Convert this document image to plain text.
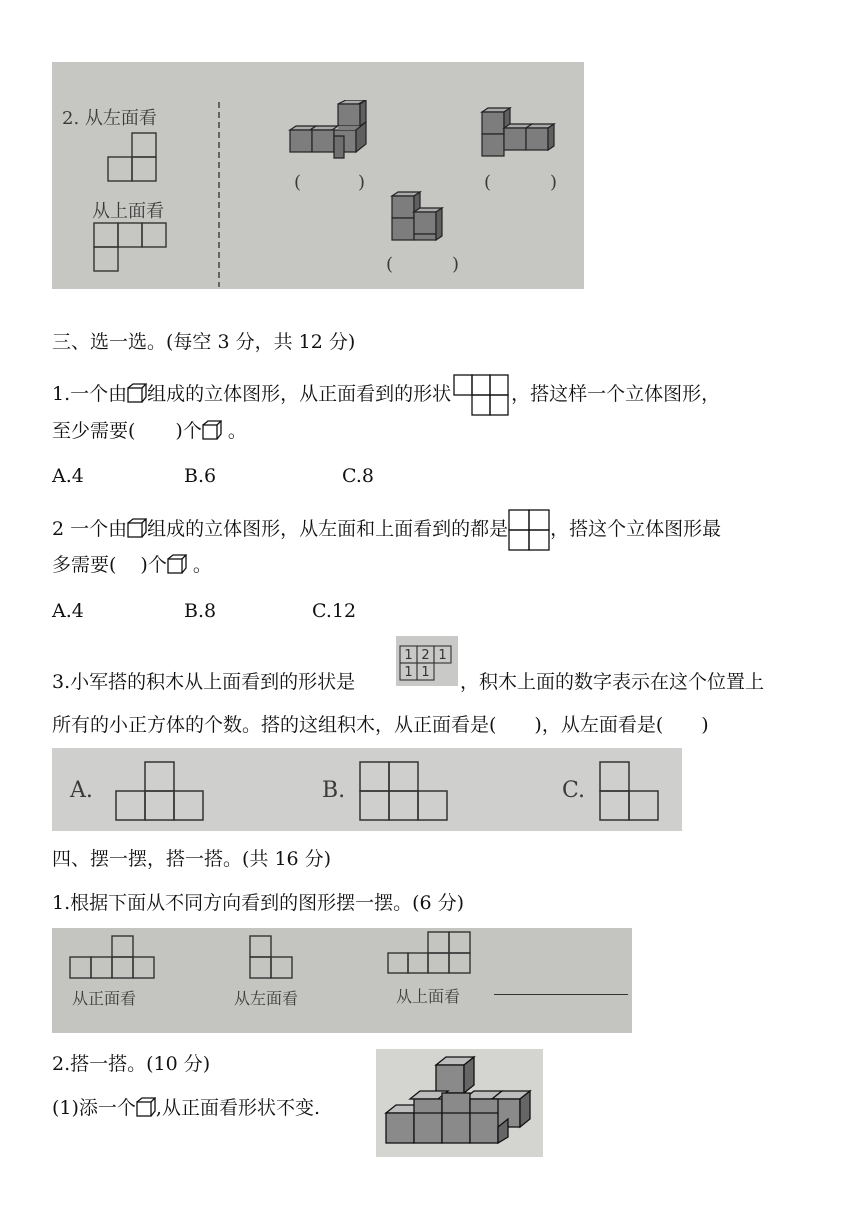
2. 从左面看
从上面看
(	)	(	)
(	)
三、选一选。(每空 3 分，共 12 分)
1.一个由 组成的立体图形，从正面看到的形状	，搭这样一个立体图形，
至少需要( )个 。
A.4	B.6	C.8
2 一个由 组成的立体图形，从左面和上面看到的都是 ，搭这个立体图形最
多需要( )个 。
A.4	B.8	C.12
1 2 1
1 1
3.小军搭的积木从上面看到的形状是	，积木上面的数字表示在这个位置上
所有的小正方体的个数。搭的这组积木，从正面看是(　　)，从左面看是(　　)
A.	B.	C.
四、摆一摆，搭一搭。(共 16 分)
1.根据下面从不同方向看到的图形摆一摆。(6 分)
从正面看	从左面看	从上面看
2.搭一搭。(10 分)
(1)添一个 ,从正面看形状不变.
